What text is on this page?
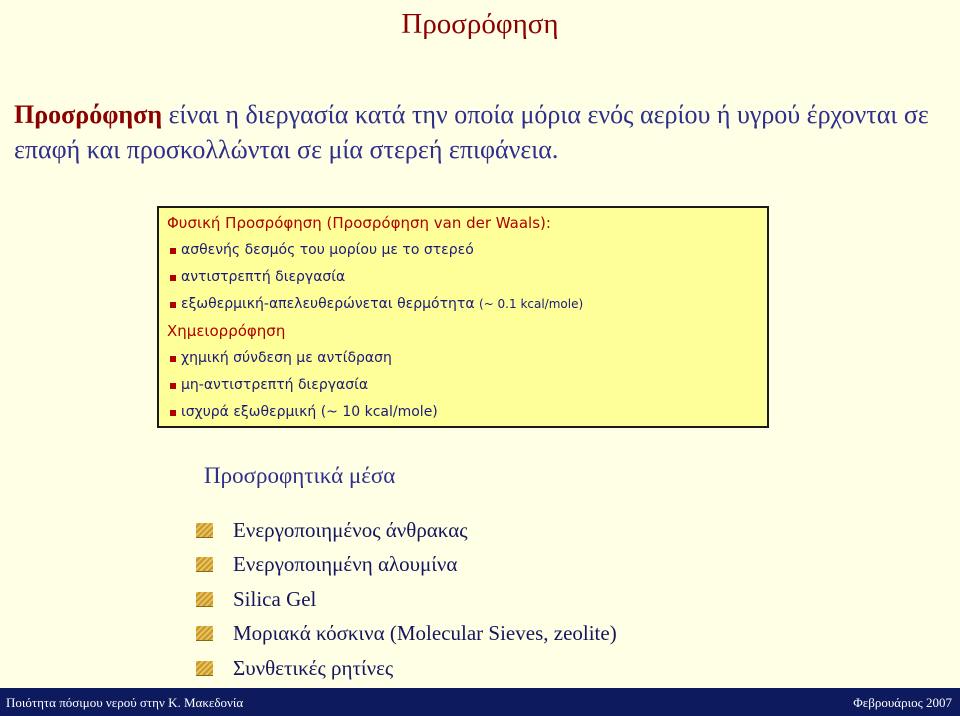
Προσρόφηση
Προσρόφηση είναι η διεργασία κατά την οποία μόρια ενός αερίου ή υγρού έρχονται σε επαφή και προσκολλώνται σε μία στερεή επιφάνεια.
Φυσική Προσρόφηση (Προσρόφηση van der Waals):
ασθενής δεσμός του μορίου με το στερεό
αντιστρεπτή διεργασία
εξωθερμική-απελευθερώνεται θερμότητα (~ 0.1 kcal/mole)
Χημειορρόφηση
χημική σύνδεση με αντίδραση
μη-αντιστρεπτή διεργασία
ισχυρά εξωθερμική (~ 10 kcal/mole)
Προσροφητικά μέσα
Ενεργοποιημένος άνθρακας
Ενεργοποιημένη αλουμίνα
Silica Gel
Μοριακά κόσκινα (Molecular Sieves, zeolite)
Συνθετικές ρητίνες
Ποιότητα πόσιμου νερού στην Κ. Μακεδονία	Φεβρουάριος 2007
